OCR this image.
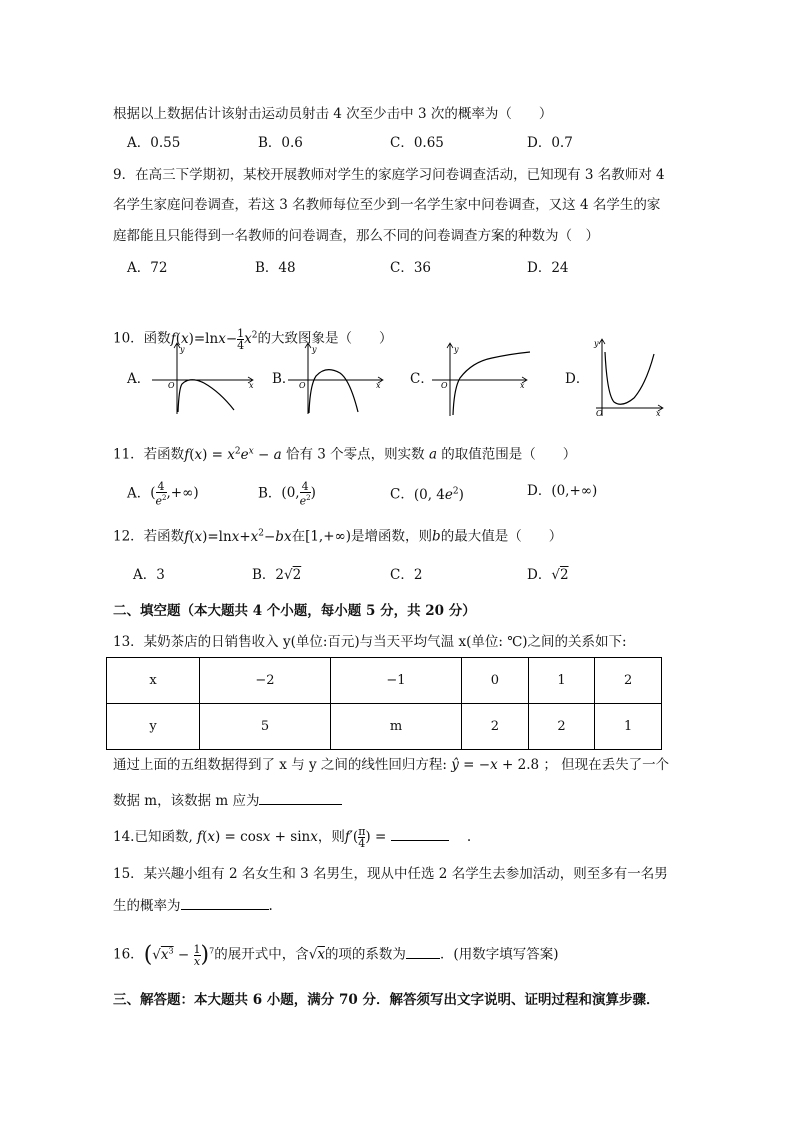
根据以上数据估计该射击运动员射击 4 次至少击中 3 次的概率为（　　）
A．0.55	B．0.6	C．0.65	D．0.7
9．在高三下学期初，某校开展教师对学生的家庭学习问卷调查活动，已知现有 3 名教师对 4
名学生家庭问卷调查，若这 3 名教师每位至少到一名学生家中问卷调查，又这 4 名学生的家
庭都能且只能得到一名教师的问卷调查，那么不同的问卷调查方案的种数为（　）
A．72	B．48	C．36	D．24
10．函数$f(x)=\ln x- \frac{1}{4} x^2$的大致图象是（　　）
A．
y
O	x B．
y
O	x C．
y
O	x	D．
y
O	x
11．若函数$f(x) = x^2e^x - a$ 恰有 3 个零点，则实数 a 的取值范围是（　　）
A．( $\frac{4}{e^2}$ ,+∞)	B．(0, $\frac{4}{e^2}$ )	C．(0, $4e^2$)	D．(0,+∞)
12．若函数$f(x)=\ln x+x^2-bx$在[1,+∞)是增函数，则b的最大值是（　　）
A．3	B．2√2	C．2	D．√2
二、填空题（本大题共 4 个小题，每小题 5 分，共 20 分）
13．某奶茶店的日销售收入 y(单位:百元)与当天平均气温 x(单位: ℃)之间的关系如下:
x	−2	−1	0	1	2
y	5	m	2	2	1
通过上面的五组数据得到了 x 与 y 之间的线性回归方程: ŷ = −x + 2.8 ； 但现在丢失了一个
数据 m，该数据 m 应为
14.已知函数, f(x) = cosx + sinx，则$f'( \frac{\pi}{4}$ ) =	.
15．某兴趣小组有 2 名女生和 3 名男生，现从中任选 2 名学生去参加活动，则至多有一名男
生的概率为	.
16．$(√x^3 - \frac{1}{x} )^7$的展开式中，含√x的项的系数为	．(用数字填写答案)
三、解答题：本大题共 6 小题，满分 70 分．解答须写出文字说明、证明过程和演算步骤．
